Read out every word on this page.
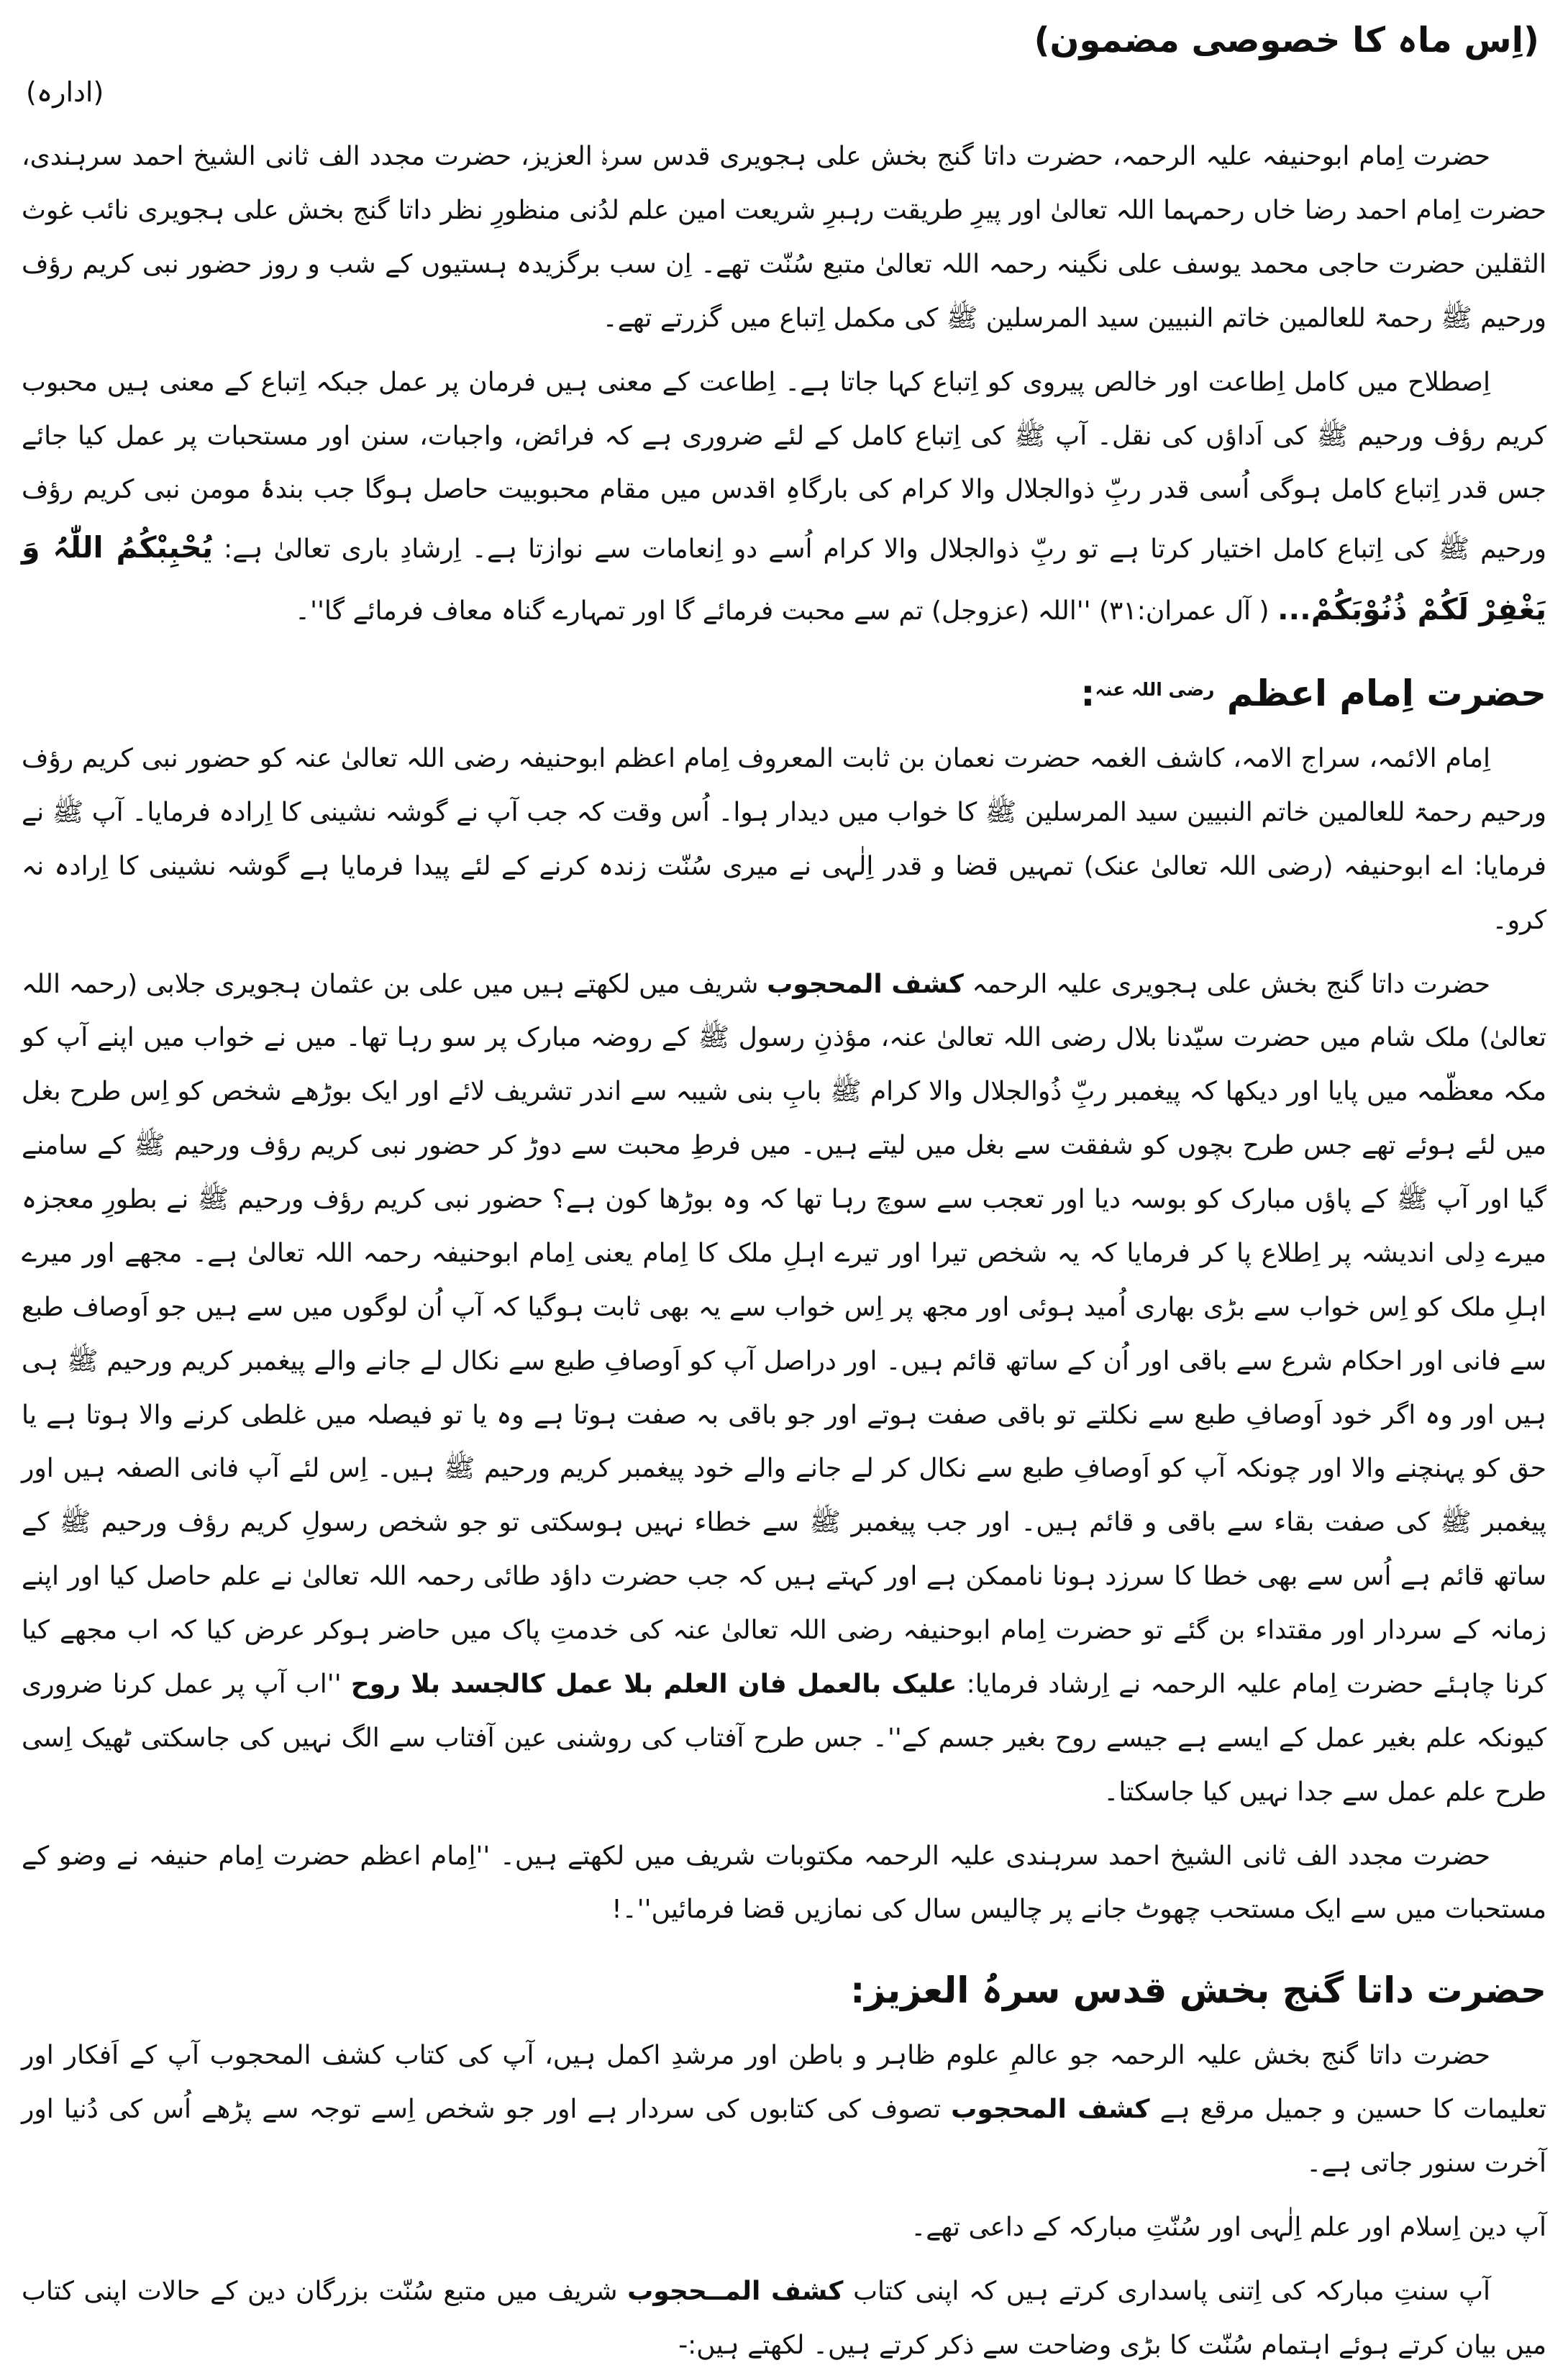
(اِس ماہ کا خصوصی مضمون)
(ادارہ)

حضرت اِمام ابوحنیفہ علیہ الرحمہ، حضرت داتا گنج بخش علی ہجویری قدس سرہٗ العزیز، حضرت مجدد الف ثانی الشیخ احمد سرہندی، حضرت اِمام احمد رضا خاں رحمہما اللہ تعالیٰ اور پیرِ طریقت رہبرِ شریعت امین علم لدُنی منظورِ نظر داتا گنج بخش علی ہجویری نائب غوث الثقلین حضرت حاجی محمد یوسف علی نگینہ رحمہ اللہ تعالیٰ متبع سُنّت تھے۔ اِن سب برگزیدہ ہستیوں کے شب و روز حضور نبی کریم رؤف ورحیم ﷺ رحمۃ للعالمین خاتم النبیین سید المرسلین ﷺ کی مکمل اِتباع میں گزرتے تھے۔

اِصطلاح میں کامل اِطاعت اور خالص پیروی کو اِتباع کہا جاتا ہے۔ اِطاعت کے معنی ہیں فرمان پر عمل جبکہ اِتباع کے معنی ہیں محبوب کریم رؤف ورحیم ﷺ کی اَداؤں کی نقل۔ آپ ﷺ کی اِتباع کامل کے لئے ضروری ہے کہ فرائض، واجبات، سنن اور مستحبات پر عمل کیا جائے جس قدر اِتباع کامل ہوگی اُسی قدر ربِّ ذوالجلال والا کرام کی بارگاہِ اقدس میں مقام محبوبیت حاصل ہوگا جب بندۂ مومن نبی کریم رؤف ورحیم ﷺ کی اِتباع کامل اختیار کرتا ہے تو ربِّ ذوالجلال والا کرام اُسے دو اِنعامات سے نوازتا ہے۔ اِرشادِ باری تعالیٰ ہے: یُحْبِبْکُمُ اللّٰہُ وَ یَغْفِرْ لَکُمْ ذُنُوْبَکُمْ... ( آل عمران:۳۱) ''اللہ (عزوجل) تم سے محبت فرمائے گا اور تمہارے گناہ معاف فرمائے گا''۔

حضرت اِمام اعظم $^{رضی اللہ عنہ}$:

اِمام الائمہ، سراج الامہ، کاشف الغمہ حضرت نعمان بن ثابت المعروف اِمام اعظم ابوحنیفہ رضی اللہ تعالیٰ عنہ کو حضور نبی کریم رؤف ورحیم رحمۃ للعالمین خاتم النبیین سید المرسلین ﷺ کا خواب میں دیدار ہوا۔ اُس وقت کہ جب آپ نے گوشہ نشینی کا اِرادہ فرمایا۔ آپ ﷺ نے فرمایا: اے ابوحنیفہ (رضی اللہ تعالیٰ عنک) تمہیں قضا و قدر اِلٰہی نے میری سُنّت زندہ کرنے کے لئے پیدا فرمایا ہے گوشہ نشینی کا اِرادہ نہ کرو۔

حضرت داتا گنج بخش علی ہجویری علیہ الرحمہ کشف المحجوب شریف میں لکھتے ہیں میں علی بن عثمان ہجویری جلابی (رحمہ اللہ تعالیٰ) ملک شام میں حضرت سیّدنا بلال رضی اللہ تعالیٰ عنہ، مؤذنِ رسول ﷺ کے روضہ مبارک پر سو رہا تھا۔ میں نے خواب میں اپنے آپ کو مکہ معظّمہ میں پایا اور دیکھا کہ پیغمبر ربِّ ذُوالجلال والا کرام ﷺ بابِ بنی شیبہ سے اندر تشریف لائے اور ایک بوڑھے شخص کو اِس طرح بغل میں لئے ہوئے تھے جس طرح بچوں کو شفقت سے بغل میں لیتے ہیں۔ میں فرطِ محبت سے دوڑ کر حضور نبی کریم رؤف ورحیم ﷺ کے سامنے گیا اور آپ ﷺ کے پاؤں مبارک کو بوسہ دیا اور تعجب سے سوچ رہا تھا کہ وہ بوڑھا کون ہے؟ حضور نبی کریم رؤف ورحیم ﷺ نے بطورِ معجزہ میرے دِلی اندیشہ پر اِطلاع پا کر فرمایا کہ یہ شخص تیرا اور تیرے اہلِ ملک کا اِمام یعنی اِمام ابوحنیفہ رحمہ اللہ تعالیٰ ہے۔ مجھے اور میرے اہلِ ملک کو اِس خواب سے بڑی بھاری اُمید ہوئی اور مجھ پر اِس خواب سے یہ بھی ثابت ہوگیا کہ آپ اُن لوگوں میں سے ہیں جو اَوصاف طبع سے فانی اور احکام شرع سے باقی اور اُن کے ساتھ قائم ہیں۔ اور دراصل آپ کو اَوصافِ طبع سے نکال لے جانے والے پیغمبر کریم ورحیم ﷺ ہی ہیں اور وہ اگر خود اَوصافِ طبع سے نکلتے تو باقی صفت ہوتے اور جو باقی بہ صفت ہوتا ہے وہ یا تو فیصلہ میں غلطی کرنے والا ہوتا ہے یا حق کو پہنچنے والا اور چونکہ آپ کو اَوصافِ طبع سے نکال کر لے جانے والے خود پیغمبر کریم ورحیم ﷺ ہیں۔ اِس لئے آپ فانی الصفہ ہیں اور پیغمبر ﷺ کی صفت بقاء سے باقی و قائم ہیں۔ اور جب پیغمبر ﷺ سے خطاء نہیں ہوسکتی تو جو شخص رسولِ کریم رؤف ورحیم ﷺ کے ساتھ قائم ہے اُس سے بھی خطا کا سرزد ہونا ناممکن ہے اور کہتے ہیں کہ جب حضرت داؤد طائی رحمہ اللہ تعالیٰ نے علم حاصل کیا اور اپنے زمانہ کے سردار اور مقتداء بن گئے تو حضرت اِمام ابوحنیفہ رضی اللہ تعالیٰ عنہ کی خدمتِ پاک میں حاضر ہوکر عرض کیا کہ اب مجھے کیا کرنا چاہئے حضرت اِمام علیہ الرحمہ نے اِرشاد فرمایا: علیک بالعمل فان العلم بلا عمل کالجسد بلا روح ''اب آپ پر عمل کرنا ضروری کیونکہ علم بغیر عمل کے ایسے ہے جیسے روح بغیر جسم کے''۔ جس طرح آفتاب کی روشنی عین آفتاب سے الگ نہیں کی جاسکتی ٹھیک اِسی طرح علم عمل سے جدا نہیں کیا جاسکتا۔

حضرت مجدد الف ثانی الشیخ احمد سرہندی علیہ الرحمہ مکتوبات شریف میں لکھتے ہیں۔ ''اِمام اعظم حضرت اِمام حنیفہ نے وضو کے مستحبات میں سے ایک مستحب چھوٹ جانے پر چالیس سال کی نمازیں قضا فرمائیں''۔!

حضرت داتا گنج بخش قدس سرہُ العزیز:

حضرت داتا گنج بخش علیہ الرحمہ جو عالمِ علوم ظاہر و باطن اور مرشدِ اکمل ہیں، آپ کی کتاب کشف المحجوب آپ کے اَفکار اور تعلیمات کا حسین و جمیل مرقع ہے کشف المحجوب تصوف کی کتابوں کی سردار ہے اور جو شخص اِسے توجہ سے پڑھے اُس کی دُنیا اور آخرت سنور جاتی ہے۔

آپ دین اِسلام اور علم اِلٰہی اور سُنّتِ مبارکہ کے داعی تھے۔

آپ سنتِ مبارکہ کی اِتنی پاسداری کرتے ہیں کہ اپنی کتاب کشف المــحجوب شریف میں متبع سُنّت بزرگان دین کے حالات اپنی کتاب میں بیان کرتے ہوئے اہتمام سُنّت کا بڑی وضاحت سے ذکر کرتے ہیں۔ لکھتے ہیں:-
